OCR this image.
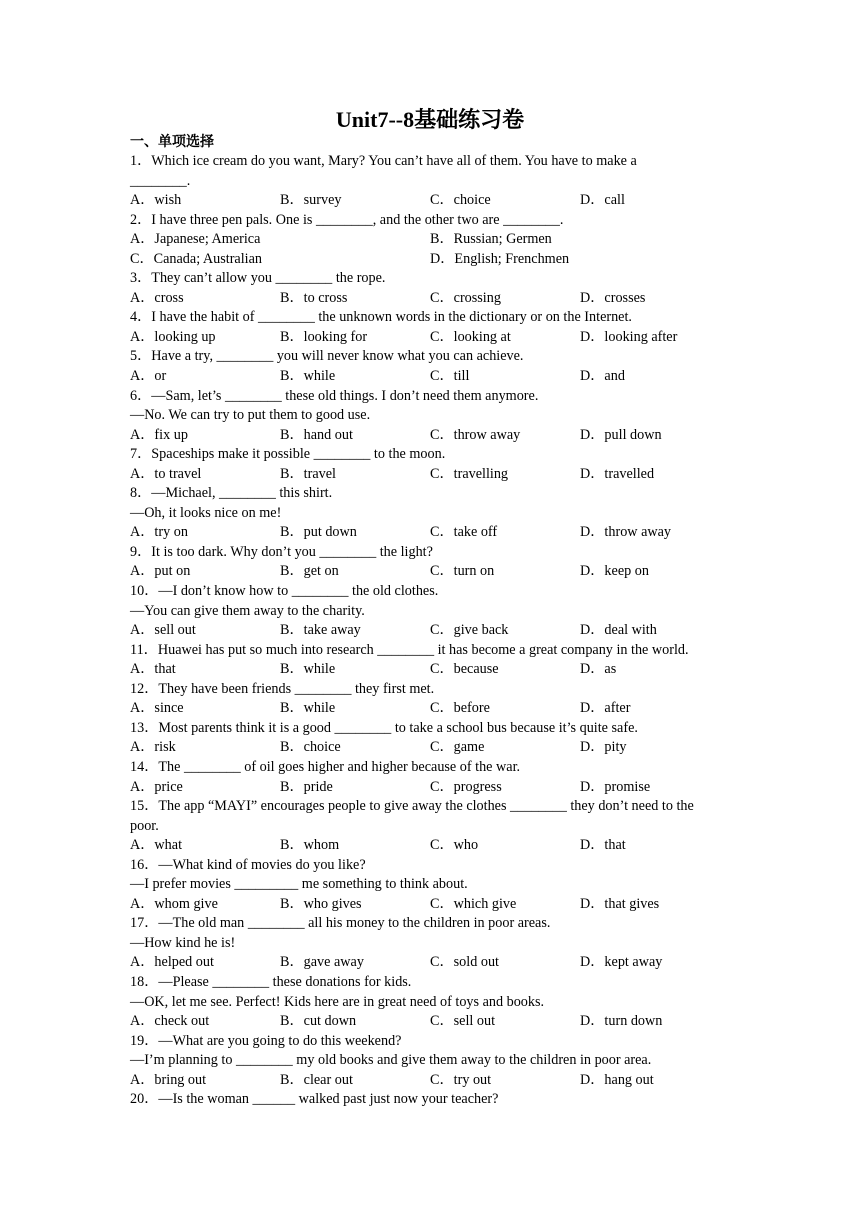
Unit7--8基础练习卷
一、单项选择
1．Which ice cream do you want, Mary? You can’t have all of them. You have to make a
________.
A．wish	B．survey	C．choice	D．call
2．I have three pen pals. One is ________, and the other two are ________.
A．Japanese; America	B．Russian; Germen
C．Canada; Australian	D．English; Frenchmen
3．They can’t allow you ________ the rope.
A．cross	B．to cross	C．crossing	D．crosses
4．I have the habit of ________ the unknown words in the dictionary or on the Internet.
A．looking up	B．looking for	C．looking at	D．looking after
5．Have a try, ________ you will never know what you can achieve.
A．or	B．while	C．till	D．and
6．—Sam, let’s ________ these old things. I don’t need them anymore.
—No. We can try to put them to good use.
A．fix up	B．hand out	C．throw away	D．pull down
7．Spaceships make it possible ________ to the moon.
A．to travel	B．travel	C．travelling	D．travelled
8．—Michael, ________ this shirt.
—Oh, it looks nice on me!
A．try on	B．put down	C．take off	D．throw away
9．It is too dark. Why don’t you ________ the light?
A．put on	B．get on	C．turn on	D．keep on
10．—I don’t know how to ________ the old clothes.
—You can give them away to the charity.
A．sell out	B．take away	C．give back	D．deal with
11．Huawei has put so much into research ________ it has become a great company in the world.
A．that	B．while	C．because	D．as
12．They have been friends ________ they first met.
A．since	B．while	C．before	D．after
13．Most parents think it is a good ________ to take a school bus because it’s quite safe.
A．risk	B．choice	C．game	D．pity
14．The ________ of oil goes higher and higher because of the war.
A．price	B．pride	C．progress	D．promise
15．The app “MAYI” encourages people to give away the clothes ________ they don’t need to the
poor.
A．what	B．whom	C．who	D．that
16．—What kind of movies do you like?
—I prefer movies _________ me something to think about.
A．whom give	B．who gives	C．which give	D．that gives
17．—The old man ________ all his money to the children in poor areas.
—How kind he is!
A．helped out	B．gave away	C．sold out	D．kept away
18．—Please ________ these donations for kids.
—OK, let me see. Perfect! Kids here are in great need of toys and books.
A．check out	B．cut down	C．sell out	D．turn down
19．—What are you going to do this weekend?
—I’m planning to ________ my old books and give them away to the children in poor area.
A．bring out	B．clear out	C．try out	D．hang out
20．—Is the woman ______ walked past just now your teacher?
